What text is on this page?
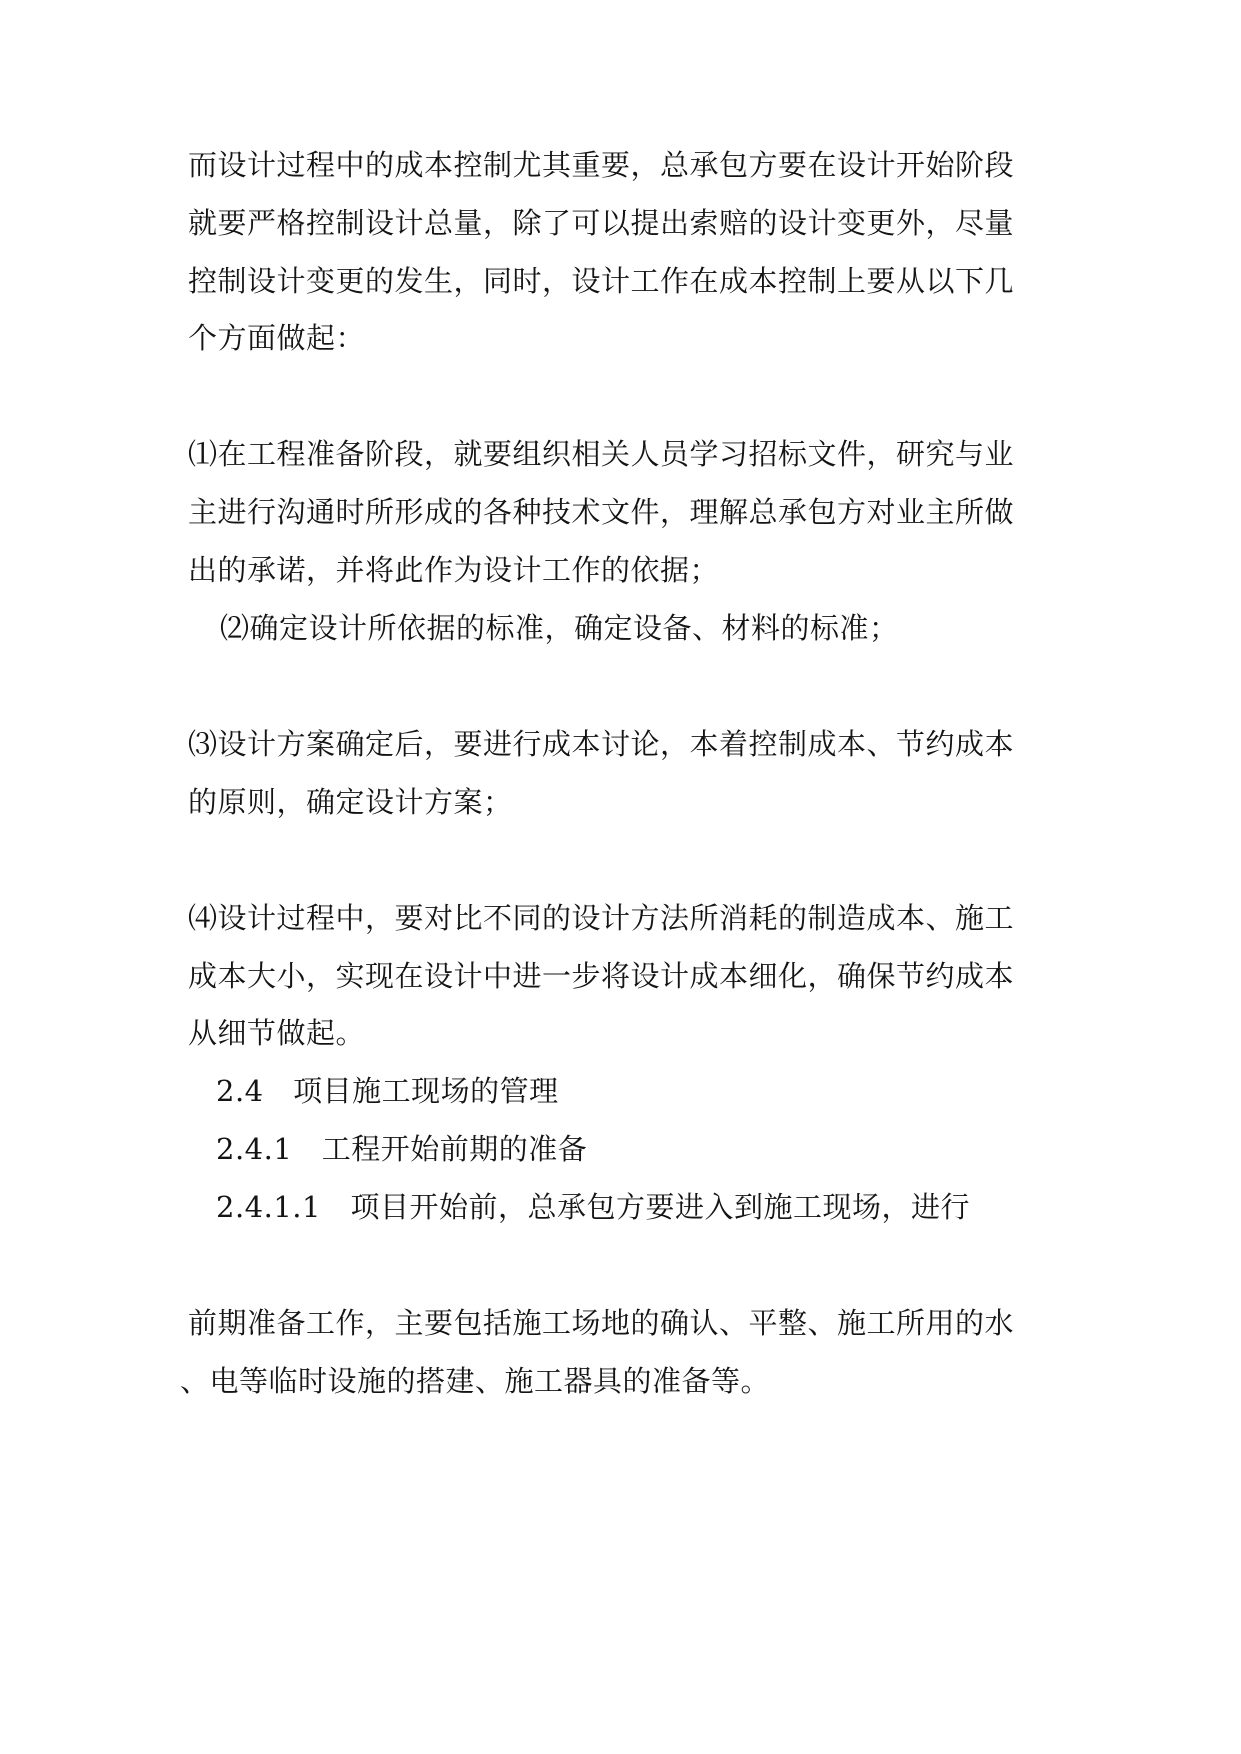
而设计过程中的成本控制尤其重要，总承包方要在设计开始阶段
就要严格控制设计总量，除了可以提出索赔的设计变更外，尽量
控制设计变更的发生，同时，设计工作在成本控制上要从以下几
个方面做起：
⑴在工程准备阶段，就要组织相关人员学习招标文件，研究与业
主进行沟通时所形成的各种技术文件，理解总承包方对业主所做
出的承诺，并将此作为设计工作的依据；
⑵确定设计所依据的标准，确定设备、材料的标准；
⑶设计方案确定后，要进行成本讨论，本着控制成本、节约成本
的原则，确定设计方案；
⑷设计过程中，要对比不同的设计方法所消耗的制造成本、施工
成本大小，实现在设计中进一步将设计成本细化，确保节约成本
从细节做起。
2.4　项目施工现场的管理
2.4.1　工程开始前期的准备
2.4.1.1　项目开始前，总承包方要进入到施工现场，进行
前期准备工作，主要包括施工场地的确认、平整、施工所用的水
、电等临时设施的搭建、施工器具的准备等。
